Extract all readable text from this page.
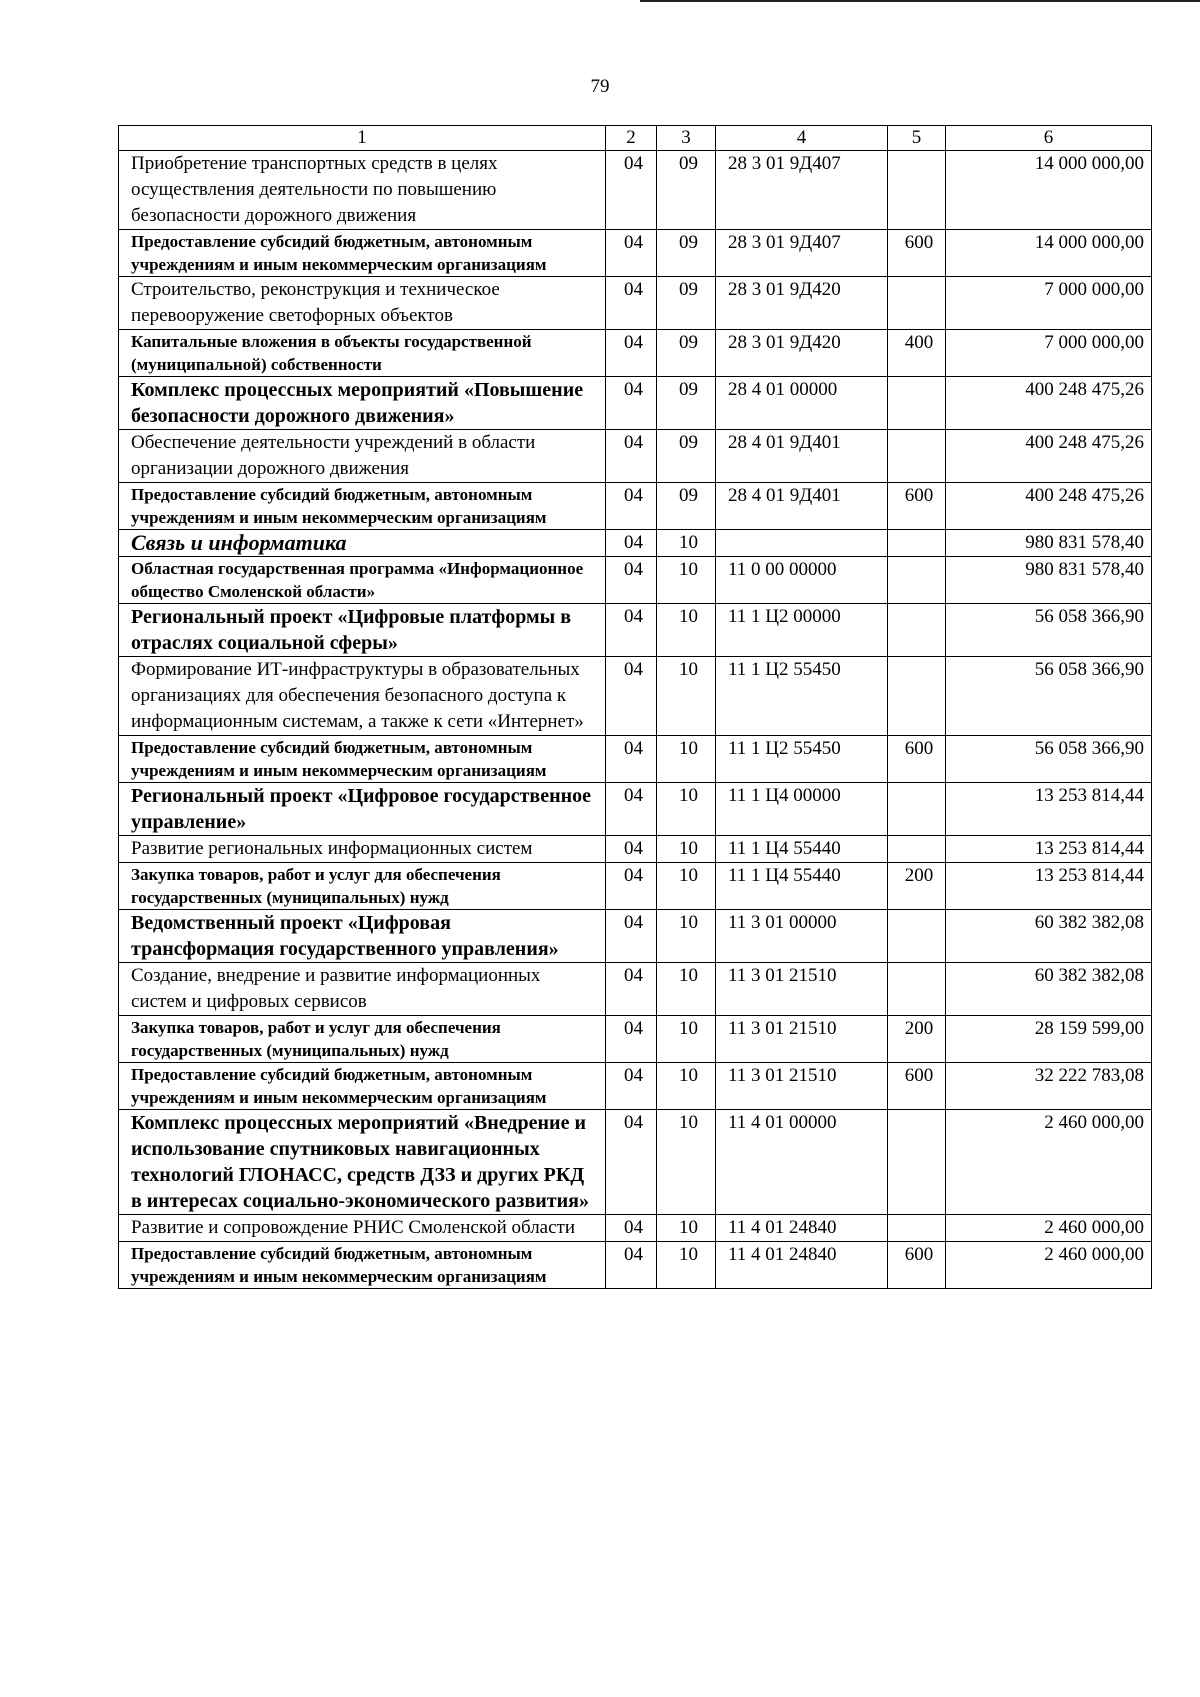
79
1	2	3	4	5	6
Приобретение транспортных средств в целях осуществления деятельности по повышению безопасности дорожного движения	04	09	28 3 01 9Д407		14 000 000,00
Предоставление субсидий бюджетным, автономным учреждениям и иным некоммерческим организациям	04	09	28 3 01 9Д407	600	14 000 000,00
Строительство, реконструкция и техническое перевооружение светофорных объектов	04	09	28 3 01 9Д420		7 000 000,00
Капитальные вложения в объекты государственной (муниципальной) собственности	04	09	28 3 01 9Д420	400	7 000 000,00
Комплекс процессных мероприятий «Повышение безопасности дорожного движения»	04	09	28 4 01 00000		400 248 475,26
Обеспечение деятельности учреждений в области организации дорожного движения	04	09	28 4 01 9Д401		400 248 475,26
Предоставление субсидий бюджетным, автономным учреждениям и иным некоммерческим организациям	04	09	28 4 01 9Д401	600	400 248 475,26
Связь и информатика	04	10			980 831 578,40
Областная государственная программа «Информационное общество Смоленской области»	04	10	11 0 00 00000		980 831 578,40
Региональный проект «Цифровые платформы в отраслях социальной сферы»	04	10	11 1 Ц2 00000		56 058 366,90
Формирование ИТ-инфраструктуры в образовательных организациях для обеспечения безопасного доступа к информационным системам, а также к сети «Интернет»	04	10	11 1 Ц2 55450		56 058 366,90
Предоставление субсидий бюджетным, автономным учреждениям и иным некоммерческим организациям	04	10	11 1 Ц2 55450	600	56 058 366,90
Региональный проект «Цифровое государственное управление»	04	10	11 1 Ц4 00000		13 253 814,44
Развитие региональных информационных систем	04	10	11 1 Ц4 55440		13 253 814,44
Закупка товаров, работ и услуг для обеспечения государственных (муниципальных) нужд	04	10	11 1 Ц4 55440	200	13 253 814,44
Ведомственный проект «Цифровая трансформация государственного управления»	04	10	11 3 01 00000		60 382 382,08
Создание, внедрение и развитие информационных систем и цифровых сервисов	04	10	11 3 01 21510		60 382 382,08
Закупка товаров, работ и услуг для обеспечения государственных (муниципальных) нужд	04	10	11 3 01 21510	200	28 159 599,00
Предоставление субсидий бюджетным, автономным учреждениям и иным некоммерческим организациям	04	10	11 3 01 21510	600	32 222 783,08
Комплекс процессных мероприятий «Внедрение и использование спутниковых навигационных технологий ГЛОНАСС, средств ДЗЗ и других РКД в интересах социально-экономического развития»	04	10	11 4 01 00000		2 460 000,00
Развитие и сопровождение РНИС Смоленской области	04	10	11 4 01 24840		2 460 000,00
Предоставление субсидий бюджетным, автономным учреждениям и иным некоммерческим организациям	04	10	11 4 01 24840	600	2 460 000,00
